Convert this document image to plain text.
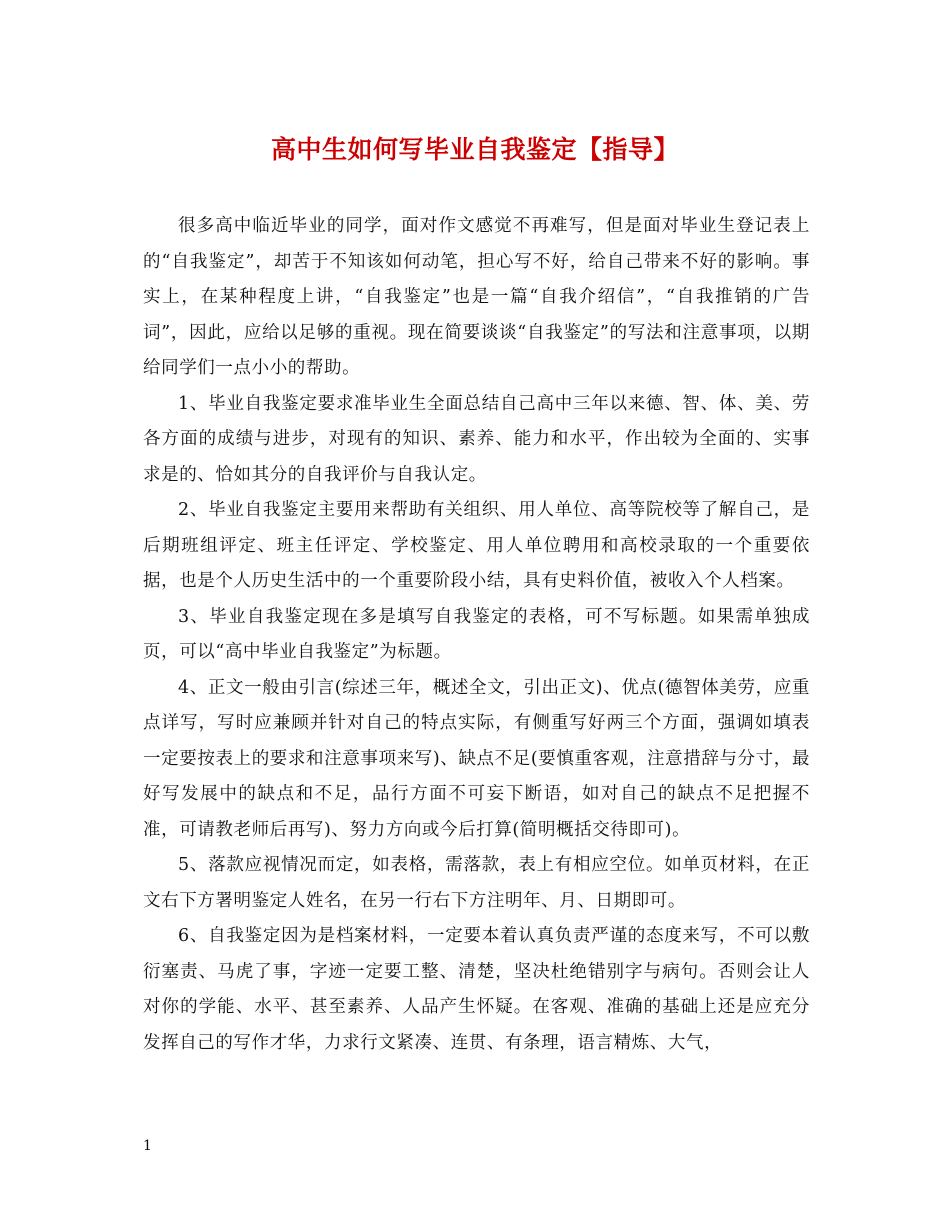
高中生如何写毕业自我鉴定【指导】

很多高中临近毕业的同学，面对作文感觉不再难写，但是面对毕业生登记表上的“自我鉴定”，却苦于不知该如何动笔，担心写不好，给自己带来不好的影响。事实上，在某种程度上讲，“自我鉴定”也是一篇“自我介绍信”，“自我推销的广告词”，因此，应给以足够的重视。现在简要谈谈“自我鉴定”的写法和注意事项，以期给同学们一点小小的帮助。

1、毕业自我鉴定要求准毕业生全面总结自己高中三年以来德、智、体、美、劳各方面的成绩与进步，对现有的知识、素养、能力和水平，作出较为全面的、实事求是的、恰如其分的自我评价与自我认定。

2、毕业自我鉴定主要用来帮助有关组织、用人单位、高等院校等了解自己，是后期班组评定、班主任评定、学校鉴定、用人单位聘用和高校录取的一个重要依据，也是个人历史生活中的一个重要阶段小结，具有史料价值，被收入个人档案。

3、毕业自我鉴定现在多是填写自我鉴定的表格，可不写标题。如果需单独成页，可以“高中毕业自我鉴定”为标题。

4、正文一般由引言(综述三年，概述全文，引出正文)、优点(德智体美劳，应重点详写，写时应兼顾并针对自己的特点实际，有侧重写好两三个方面，强调如填表一定要按表上的要求和注意事项来写)、缺点不足(要慎重客观，注意措辞与分寸，最好写发展中的缺点和不足，品行方面不可妄下断语，如对自己的缺点不足把握不准，可请教老师后再写)、努力方向或今后打算(简明概括交待即可)。

5、落款应视情况而定，如表格，需落款，表上有相应空位。如单页材料，在正文右下方署明鉴定人姓名，在另一行右下方注明年、月、日期即可。

6、自我鉴定因为是档案材料，一定要本着认真负责严谨的态度来写，不可以敷衍塞责、马虎了事，字迹一定要工整、清楚，坚决杜绝错别字与病句。否则会让人对你的学能、水平、甚至素养、人品产生怀疑。在客观、准确的基础上还是应充分发挥自己的写作才华，力求行文紧凑、连贯、有条理，语言精炼、大气，

1
